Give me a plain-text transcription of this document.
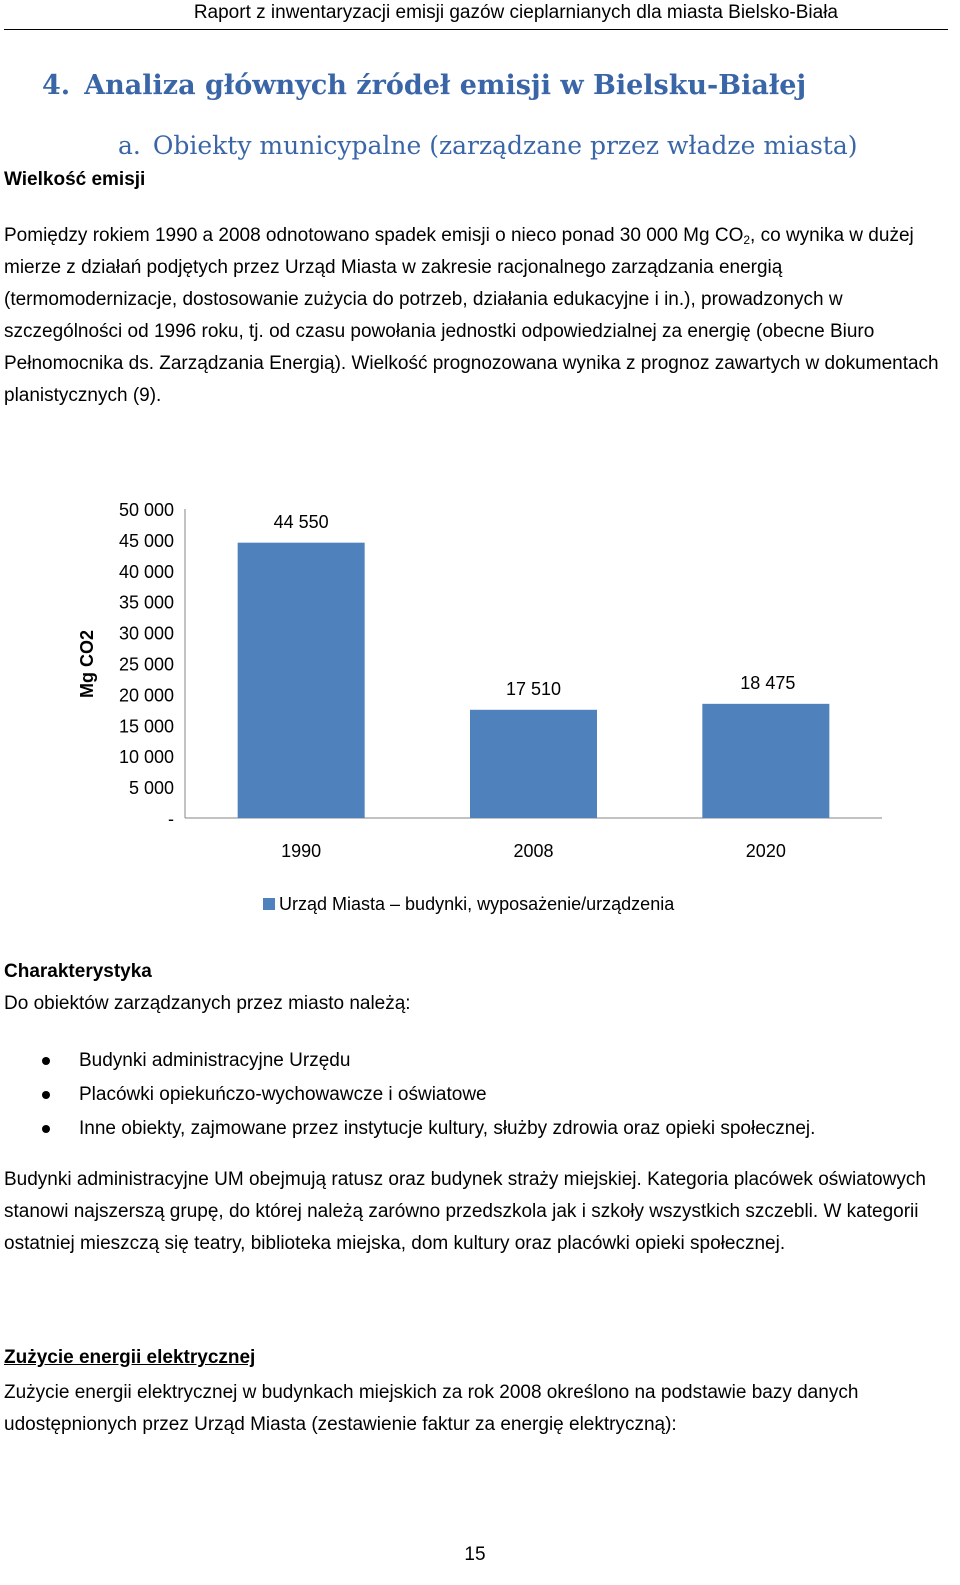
Raport z inwentaryzacji emisji gazów cieplarnianych dla miasta Bielsko-Biała
4. Analiza głównych źródeł emisji w Bielsku-Białej
a. Obiekty municypalne (zarządzane przez władze miasta)
Wielkość emisji

Pomiędzy rokiem 1990 a 2008 odnotowano spadek emisji o nieco ponad 30 000 Mg $CO_2$, co wynika w dużej mierze z działań podjętych przez Urząd Miasta w zakresie racjonalnego zarządzania energią (termomodernizacje, dostosowanie zużycia do potrzeb, działania edukacyjne i in.), prowadzonych w szczególności od 1996 roku, tj. od czasu powołania jednostki odpowiedzialnej za energię (obecne Biuro Pełnomocnika ds. Zarządzania Energią). Wielkość prognozowana wynika z prognoz zawartych w dokumentach planistycznych (9).

-
5 000
10 000
15 000
20 000
25 000
30 000
35 000
40 000
45 000
50 000
Mg CO2
1990	2008	2020
44 550
17 510	18 475
Urząd Miasta – budynki, wyposażenie/urządzenia
Charakterystyka
Do obiektów zarządzanych przez miasto należą:
Budynki administracyjne Urzędu
Placówki opiekuńczo-wychowawcze i oświatowe
Inne obiekty, zajmowane przez instytucje kultury, służby zdrowia oraz opieki społecznej.

Budynki administracyjne UM obejmują ratusz oraz budynek straży miejskiej. Kategoria placówek oświatowych stanowi najszerszą grupę, do której należą zarówno przedszkola jak i szkoły wszystkich szczebli. W kategorii ostatniej mieszczą się teatry, biblioteka miejska, dom kultury oraz placówki opieki społecznej.

Zużycie energii elektrycznej

Zużycie energii elektrycznej w budynkach miejskich za rok 2008 określono na podstawie bazy danych udostępnionych przez Urząd Miasta (zestawienie faktur za energię elektryczną):

15
